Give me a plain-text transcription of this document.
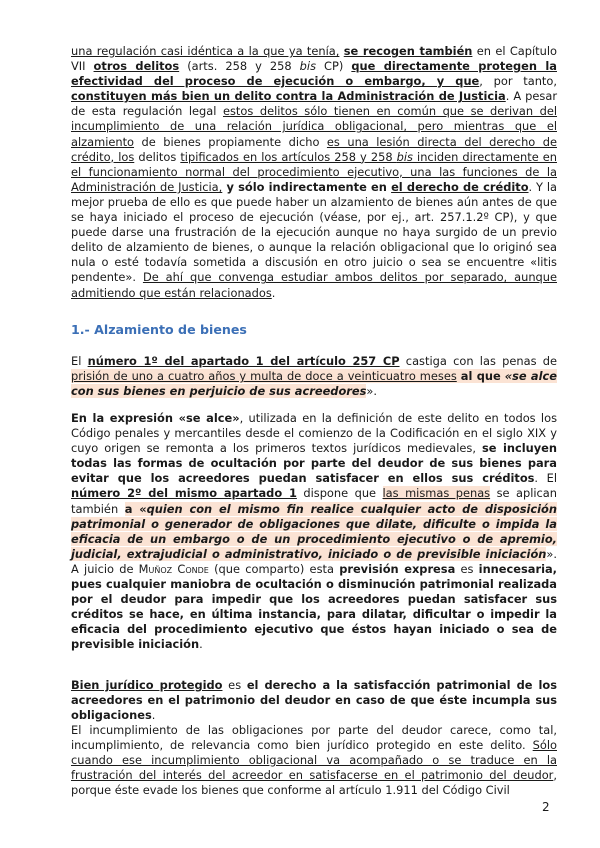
una regulación casi idéntica a la que ya tenía, se recogen también en el Capítulo VII otros delitos (arts. 258 y 258 bis CP) que directamente protegen la efectividad del proceso de ejecución o embargo, y que, por tanto, constituyen más bien un delito contra la Administración de Justicia. A pesar de esta regulación legal estos delitos sólo tienen en común que se derivan del incumplimiento de una relación jurídica obligacional, pero mientras que el alzamiento de bienes propiamente dicho es una lesión directa del derecho de crédito, los delitos tipificados en los artículos 258 y 258 bis inciden directamente en el funcionamiento normal del procedimiento ejecutivo, una las funciones de la Administración de Justicia, y sólo indirectamente en el derecho de crédito. Y la mejor prueba de ello es que puede haber un alzamiento de bienes aún antes de que se haya iniciado el proceso de ejecución (véase, por ej., art. 257.1.2º CP), y que puede darse una frustración de la ejecución aunque no haya surgido de un previo delito de alzamiento de bienes, o aunque la relación obligacional que lo originó sea nula o esté todavía sometida a discusión en otro juicio o sea se encuentre «litis pendente». De ahí que convenga estudiar ambos delitos por separado, aunque admitiendo que están relacionados.

1.- Alzamiento de bienes

El número 1º del apartado 1 del artículo 257 CP castiga con las penas de prisión de uno a cuatro años y multa de doce a veinticuatro meses al que «se alce con sus bienes en perjuicio de sus acreedores».

En la expresión «se alce», utilizada en la definición de este delito en todos los Código penales y mercantiles desde el comienzo de la Codificación en el siglo XIX y cuyo origen se remonta a los primeros textos jurídicos medievales, se incluyen todas las formas de ocultación por parte del deudor de sus bienes para evitar que los acreedores puedan satisfacer en ellos sus créditos. El número 2º del mismo apartado 1 dispone que las mismas penas se aplican también a «quien con el mismo fin realice cualquier acto de disposición patrimonial o generador de obligaciones que dilate, dificulte o impida la eficacia de un embargo o de un procedimiento ejecutivo o de apremio, judicial, extrajudicial o administrativo, iniciado o de previsible iniciación». A juicio de Muñoz Conde (que comparto) esta previsión expresa es innecesaria, pues cualquier maniobra de ocultación o disminución patrimonial realizada por el deudor para impedir que los acreedores puedan satisfacer sus créditos se hace, en última instancia, para dilatar, dificultar o impedir la eficacia del procedimiento ejecutivo que éstos hayan iniciado o sea de previsible iniciación.

Bien jurídico protegido es el derecho a la satisfacción patrimonial de los acreedores en el patrimonio del deudor en caso de que éste incumpla sus obligaciones.

El incumplimiento de las obligaciones por parte del deudor carece, como tal, incumplimiento, de relevancia como bien jurídico protegido en este delito. Sólo cuando ese incumplimiento obligacional va acompañado o se traduce en la frustración del interés del acreedor en satisfacerse en el patrimonio del deudor, porque éste evade los bienes que conforme al artículo 1.911 del Código Civil

2
